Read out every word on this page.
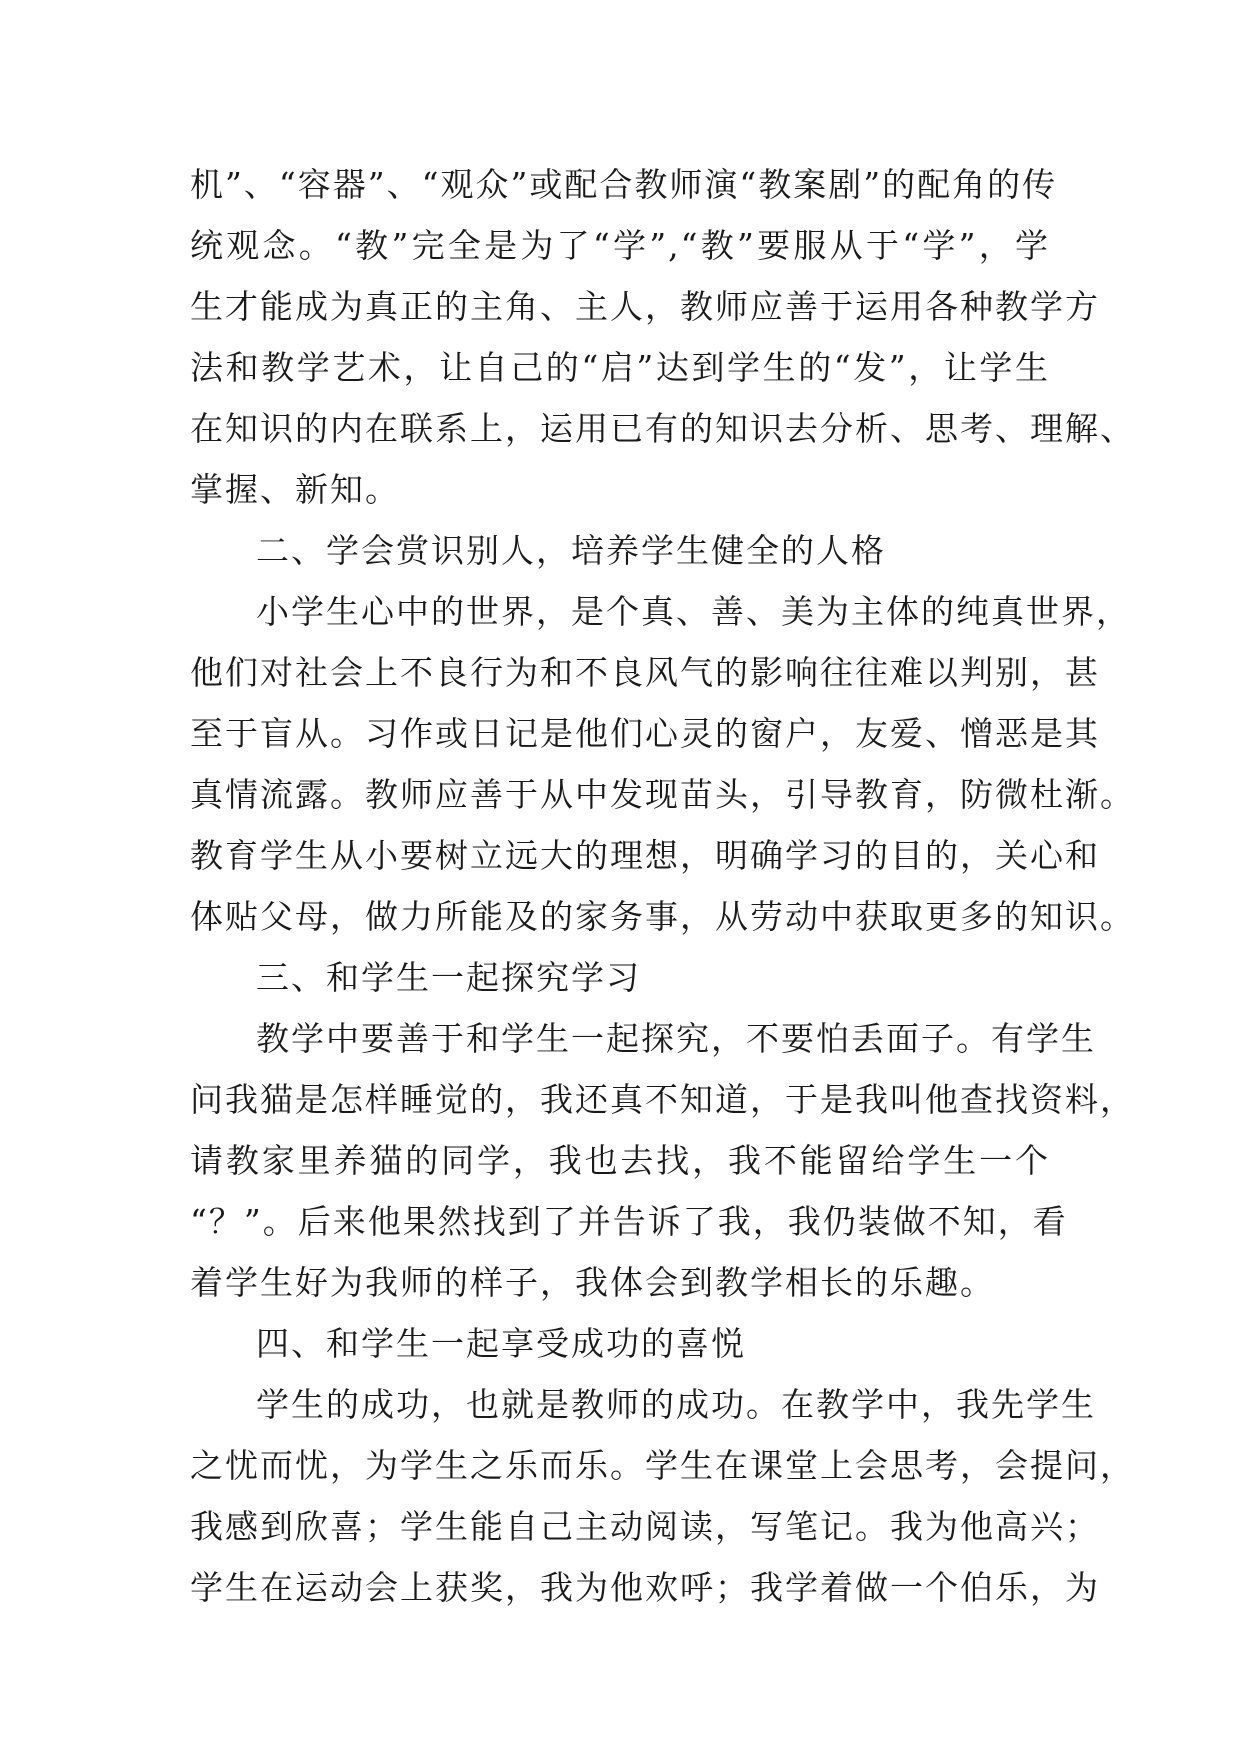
机”、“容器”、“观众”或配合教师演“教案剧”的配角的传
统观念。“教”完全是为了“学”,“教”要服从于“学”，学
生才能成为真正的主角、主人，教师应善于运用各种教学方
法和教学艺术，让自己的“启”达到学生的“发”，让学生
在知识的内在联系上，运用已有的知识去分析、思考、理解、
掌握、新知。
二、学会赏识别人，培养学生健全的人格
小学生心中的世界，是个真、善、美为主体的纯真世界，
他们对社会上不良行为和不良风气的影响往往难以判别，甚
至于盲从。习作或日记是他们心灵的窗户，友爱、憎恶是其
真情流露。教师应善于从中发现苗头，引导教育，防微杜渐。
教育学生从小要树立远大的理想，明确学习的目的，关心和
体贴父母，做力所能及的家务事，从劳动中获取更多的知识。
三、和学生一起探究学习
教学中要善于和学生一起探究，不要怕丢面子。有学生
问我猫是怎样睡觉的，我还真不知道，于是我叫他查找资料，
请教家里养猫的同学，我也去找，我不能留给学生一个
“？”。后来他果然找到了并告诉了我，我仍装做不知，看
着学生好为我师的样子，我体会到教学相长的乐趣。
四、和学生一起享受成功的喜悦
学生的成功，也就是教师的成功。在教学中，我先学生
之忧而忧，为学生之乐而乐。学生在课堂上会思考，会提问，
我感到欣喜；学生能自己主动阅读，写笔记。我为他高兴；
学生在运动会上获奖，我为他欢呼；我学着做一个伯乐，为
